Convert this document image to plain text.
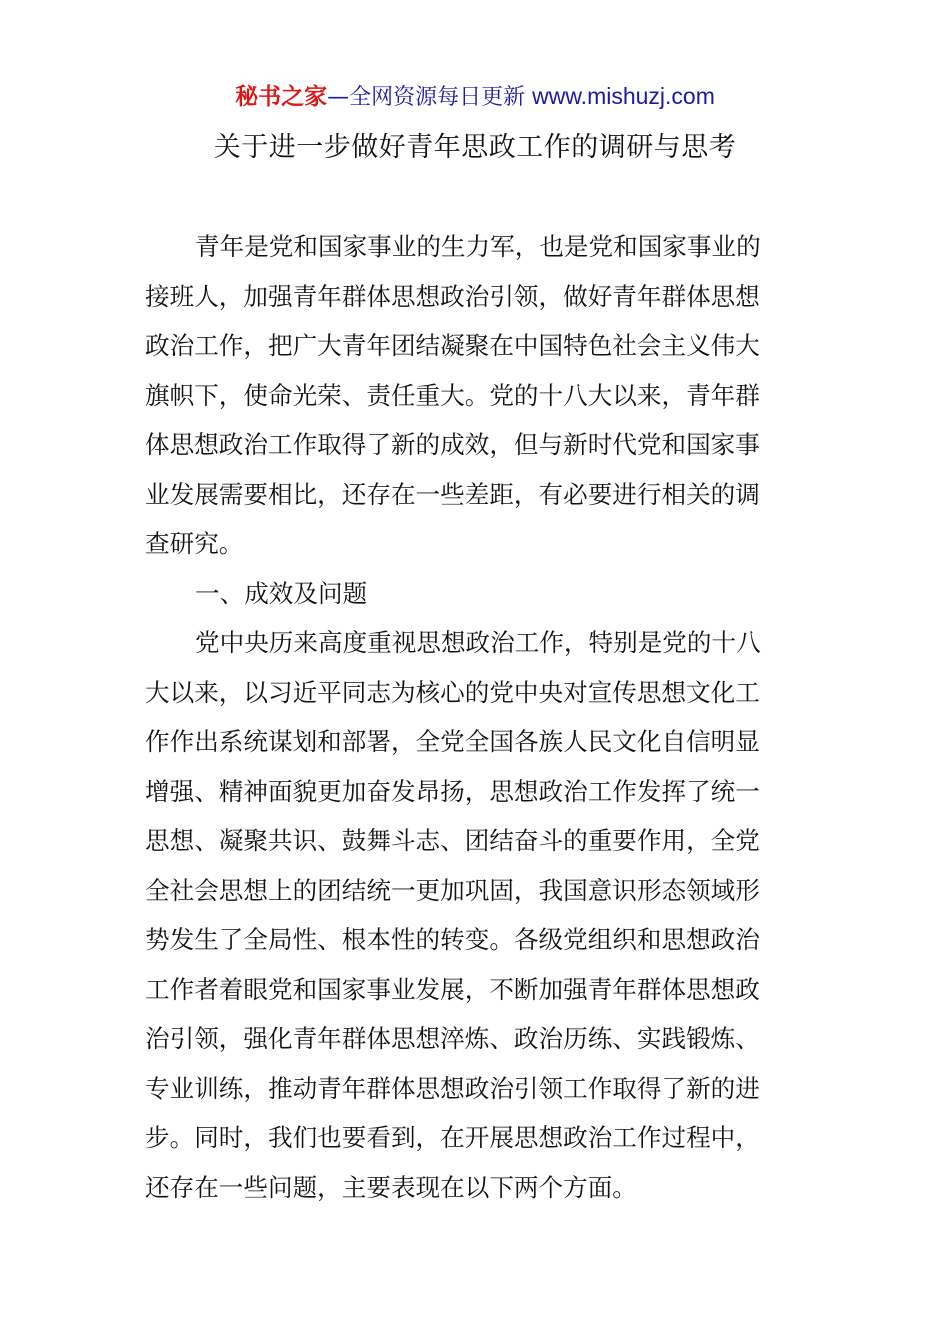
秘书之家—全网资源每日更新 www.mishuzj.com
关于进一步做好青年思政工作的调研与思考
青年是党和国家事业的生力军，也是党和国家事业的
接班人，加强青年群体思想政治引领，做好青年群体思想
政治工作，把广大青年团结凝聚在中国特色社会主义伟大
旗帜下，使命光荣、责任重大。党的十八大以来，青年群
体思想政治工作取得了新的成效，但与新时代党和国家事
业发展需要相比，还存在一些差距，有必要进行相关的调
查研究。
一、成效及问题
党中央历来高度重视思想政治工作，特别是党的十八
大以来，以习近平同志为核心的党中央对宣传思想文化工
作作出系统谋划和部署，全党全国各族人民文化自信明显
增强、精神面貌更加奋发昂扬，思想政治工作发挥了统一
思想、凝聚共识、鼓舞斗志、团结奋斗的重要作用，全党
全社会思想上的团结统一更加巩固，我国意识形态领域形
势发生了全局性、根本性的转变。各级党组织和思想政治
工作者着眼党和国家事业发展，不断加强青年群体思想政
治引领，强化青年群体思想淬炼、政治历练、实践锻炼、
专业训练，推动青年群体思想政治引领工作取得了新的进
步。同时，我们也要看到，在开展思想政治工作过程中，
还存在一些问题，主要表现在以下两个方面。
